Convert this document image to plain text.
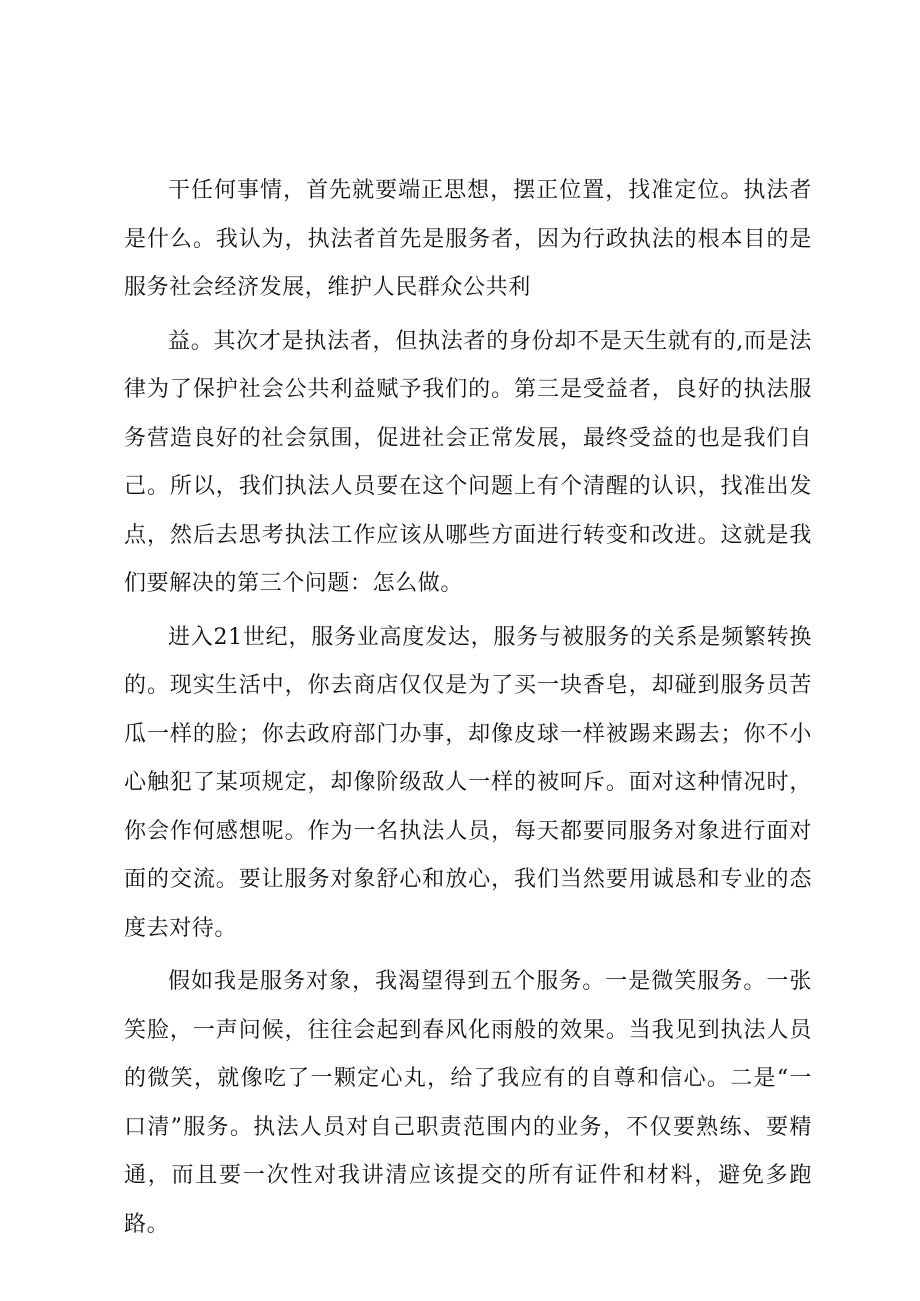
干任何事情，首先就要端正思想，摆正位置，找准定位。执法者是什么。我认为，执法者首先是服务者，因为行政执法的根本目的是服务社会经济发展，维护人民群众公共利

益。其次才是执法者，但执法者的身份却不是天生就有的,而是法律为了保护社会公共利益赋予我们的。第三是受益者，良好的执法服务营造良好的社会氛围，促进社会正常发展，最终受益的也是我们自己。所以，我们执法人员要在这个问题上有个清醒的认识，找准出发点，然后去思考执法工作应该从哪些方面进行转变和改进。这就是我们要解决的第三个问题：怎么做。

进入21世纪，服务业高度发达，服务与被服务的关系是频繁转换的。现实生活中，你去商店仅仅是为了买一块香皂，却碰到服务员苦瓜一样的脸；你去政府部门办事，却像皮球一样被踢来踢去；你不小心触犯了某项规定，却像阶级敌人一样的被呵斥。面对这种情况时，你会作何感想呢。作为一名执法人员，每天都要同服务对象进行面对面的交流。要让服务对象舒心和放心，我们当然要用诚恳和专业的态度去对待。

假如我是服务对象，我渴望得到五个服务。一是微笑服务。一张笑脸，一声问候，往往会起到春风化雨般的效果。当我见到执法人员的微笑，就像吃了一颗定心丸，给了我应有的自尊和信心。二是“一口清”服务。执法人员对自己职责范围内的业务，不仅要熟练、要精通，而且要一次性对我讲清应该提交的所有证件和材料，避免多跑路。
